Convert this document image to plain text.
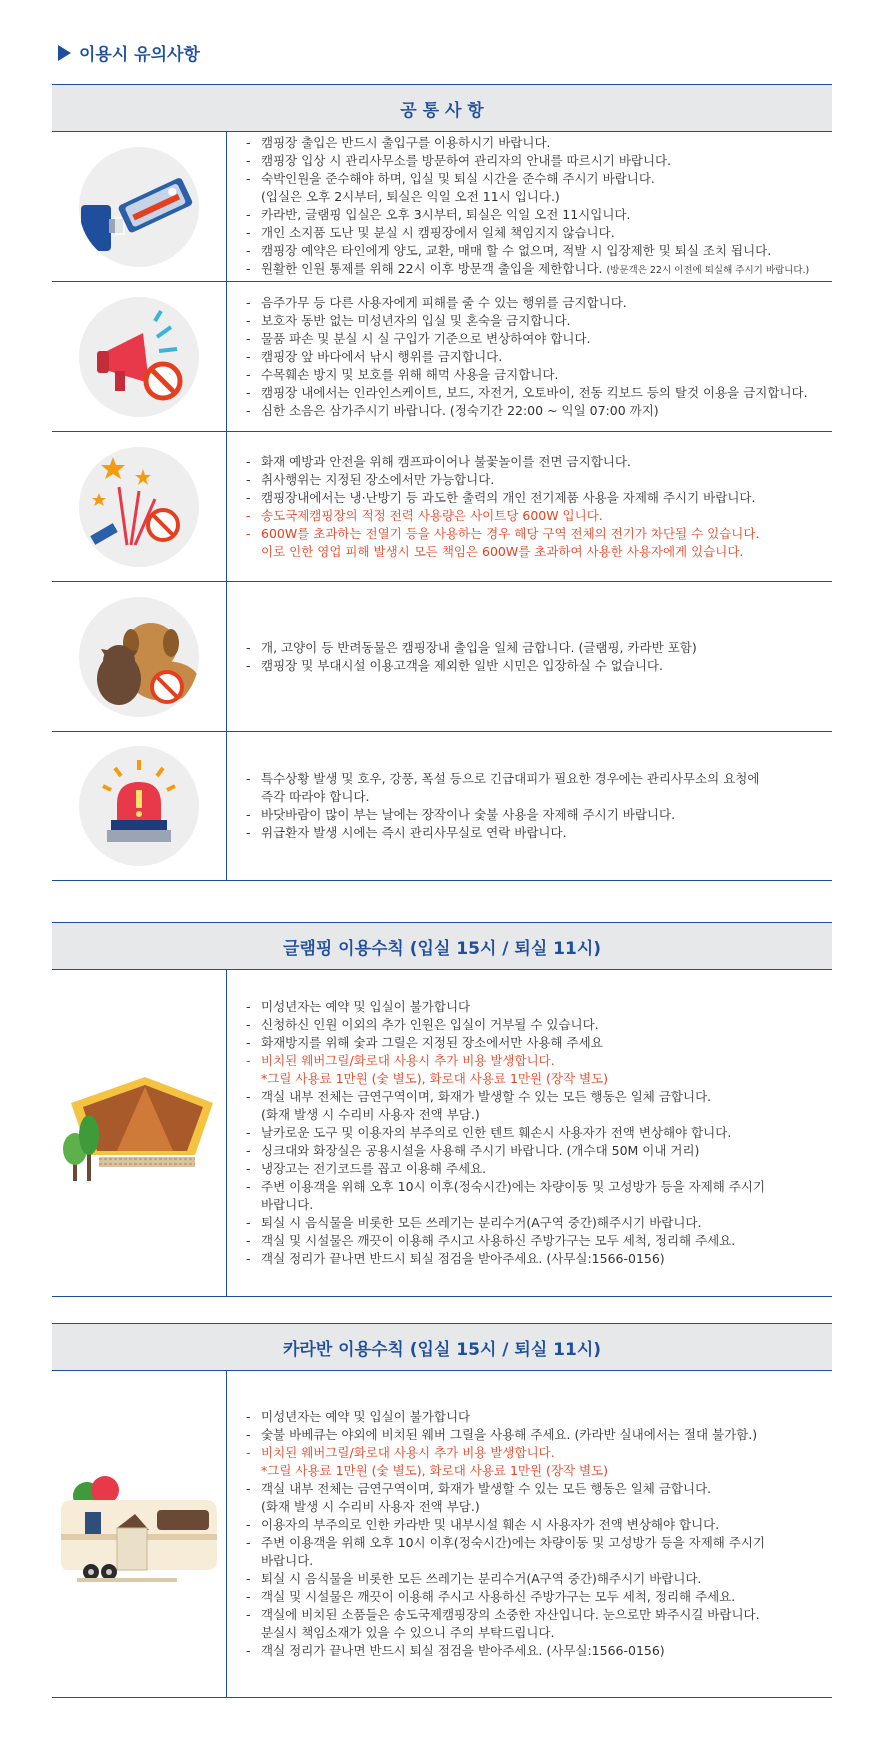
이용시 유의사항
공 통 사 항
- 캠핑장 출입은 반드시 출입구를 이용하시기 바랍니다.
- 캠핑장 입상 시 관리사무소를 방문하여 관리자의 안내를 따르시기 바랍니다.
- 숙박인원을 준수해야 하며, 입실 및 퇴실 시간을 준수해 주시기 바랍니다.
(입실은 오후 2시부터, 퇴실은 익일 오전 11시 입니다.)
- 카라반, 글램핑 입실은 오후 3시부터, 퇴실은 익일 오전 11시입니다.
- 개인 소지품 도난 및 분실 시 캠핑장에서 일체 책임지지 않습니다.
- 캠핑장 예약은 타인에게 양도, 교환, 매매 할 수 없으며, 적발 시 입장제한 및 퇴실 조치 됩니다.
- 원활한 인원 통제를 위해 22시 이후 방문객 출입을 제한합니다. (방문객은 22시 이전에 퇴실해 주시기 바랍니다.)
- 음주가무 등 다른 사용자에게 피해를 줄 수 있는 행위를 금지합니다.
- 보호자 동반 없는 미성년자의 입실 및 혼숙을 금지합니다.
- 물품 파손 및 분실 시 실 구입가 기준으로 변상하여야 합니다.
- 캠핑장 앞 바다에서 낚시 행위를 금지합니다.
- 수목훼손 방지 및 보호를 위해 해먹 사용을 금지합니다.
- 캠핑장 내에서는 인라인스케이트, 보드, 자전거, 오토바이, 전동 킥보드 등의 탈것 이용을 금지합니다.
- 심한 소음은 삼가주시기 바랍니다. (정숙기간 22:00 ~ 익일 07:00 까지)
- 화재 예방과 안전을 위해 캠프파이어나 불꽃놀이를 전면 금지합니다.
- 취사행위는 지정된 장소에서만 가능합니다.
- 캠핑장내에서는 냉·난방기 등 과도한 출력의 개인 전기제품 사용을 자제해 주시기 바랍니다.
- 송도국제캠핑장의 적정 전력 사용량은 사이트당 600W 입니다.
- 600W를 초과하는 전열기 등을 사용하는 경우 해당 구역 전체의 전기가 차단될 수 있습니다.
이로 인한 영업 피해 발생시 모든 책임은 600W를 초과하여 사용한 사용자에게 있습니다.
- 개, 고양이 등 반려동물은 캠핑장내 출입을 일체 금합니다. (글램핑, 카라반 포함)
- 캠핑장 및 부대시설 이용고객을 제외한 일반 시민은 입장하실 수 없습니다.
- 특수상황 발생 및 호우, 강풍, 폭설 등으로 긴급대피가 필요한 경우에는 관리사무소의 요청에
즉각 따라야 합니다.
- 바닷바람이 많이 부는 날에는 장작이나 숯불 사용을 자제해 주시기 바랍니다.
- 위급환자 발생 시에는 즉시 관리사무실로 연락 바랍니다.
글램핑 이용수칙 (입실 15시 / 퇴실 11시)
- 미성년자는 예약 및 입실이 불가합니다
- 신청하신 인원 이외의 추가 인원은 입실이 거부될 수 있습니다.
- 화재방지를 위해 숯과 그릴은 지정된 장소에서만 사용해 주세요
- 비치된 웨버그릴/화로대 사용시 추가 비용 발생합니다.
*그릴 사용료 1만원 (숯 별도), 화로대 사용료 1만원 (장작 별도)
- 객실 내부 전체는 금연구역이며, 화재가 발생할 수 있는 모든 행동은 일체 금합니다.
(화재 발생 시 수리비 사용자 전액 부담.)
- 날카로운 도구 및 이용자의 부주의로 인한 텐트 훼손시 사용자가 전액 변상해야 합니다.
- 싱크대와 화장실은 공용시설을 사용해 주시기 바랍니다. (개수대 50M 이내 거리)
- 냉장고는 전기코드를 꼽고 이용해 주세요.
- 주변 이용객을 위해 오후 10시 이후(정숙시간)에는 차량이동 및 고성방가 등을 자제해 주시기
바랍니다.
- 퇴실 시 음식물을 비롯한 모든 쓰레기는 분리수거(A구역 중간)해주시기 바랍니다.
- 객실 및 시설물은 깨끗이 이용해 주시고 사용하신 주방가구는 모두 세척, 정리해 주세요.
- 객실 정리가 끝나면 반드시 퇴실 점검을 받아주세요. (사무실:1566-0156)
카라반 이용수칙 (입실 15시 / 퇴실 11시)
- 미성년자는 예약 및 입실이 불가합니다
- 숯불 바베큐는 야외에 비치된 웨버 그릴을 사용해 주세요. (카라반 실내에서는 절대 불가함.)
- 비치된 웨버그릴/화로대 사용시 추가 비용 발생합니다.
*그릴 사용료 1만원 (숯 별도), 화로대 사용료 1만원 (장작 별도)
- 객실 내부 전체는 금연구역이며, 화재가 발생할 수 있는 모든 행동은 일체 금합니다.
(화재 발생 시 수리비 사용자 전액 부담.)
- 이용자의 부주의로 인한 카라반 및 내부시설 훼손 시 사용자가 전액 변상해야 합니다.
- 주변 이용객을 위해 오후 10시 이후(정숙시간)에는 차량이동 및 고성방가 등을 자제해 주시기
바랍니다.
- 퇴실 시 음식물을 비롯한 모든 쓰레기는 분리수거(A구역 중간)해주시기 바랍니다.
- 객실 및 시설물은 깨끗이 이용해 주시고 사용하신 주방가구는 모두 세척, 정리해 주세요.
- 객실에 비치된 소품들은 송도국제캠핑장의 소중한 자산입니다. 눈으로만 봐주시길 바랍니다.
분실시 책임소재가 있을 수 있으니 주의 부탁드립니다.
- 객실 정리가 끝나면 반드시 퇴실 점검을 받아주세요. (사무실:1566-0156)
